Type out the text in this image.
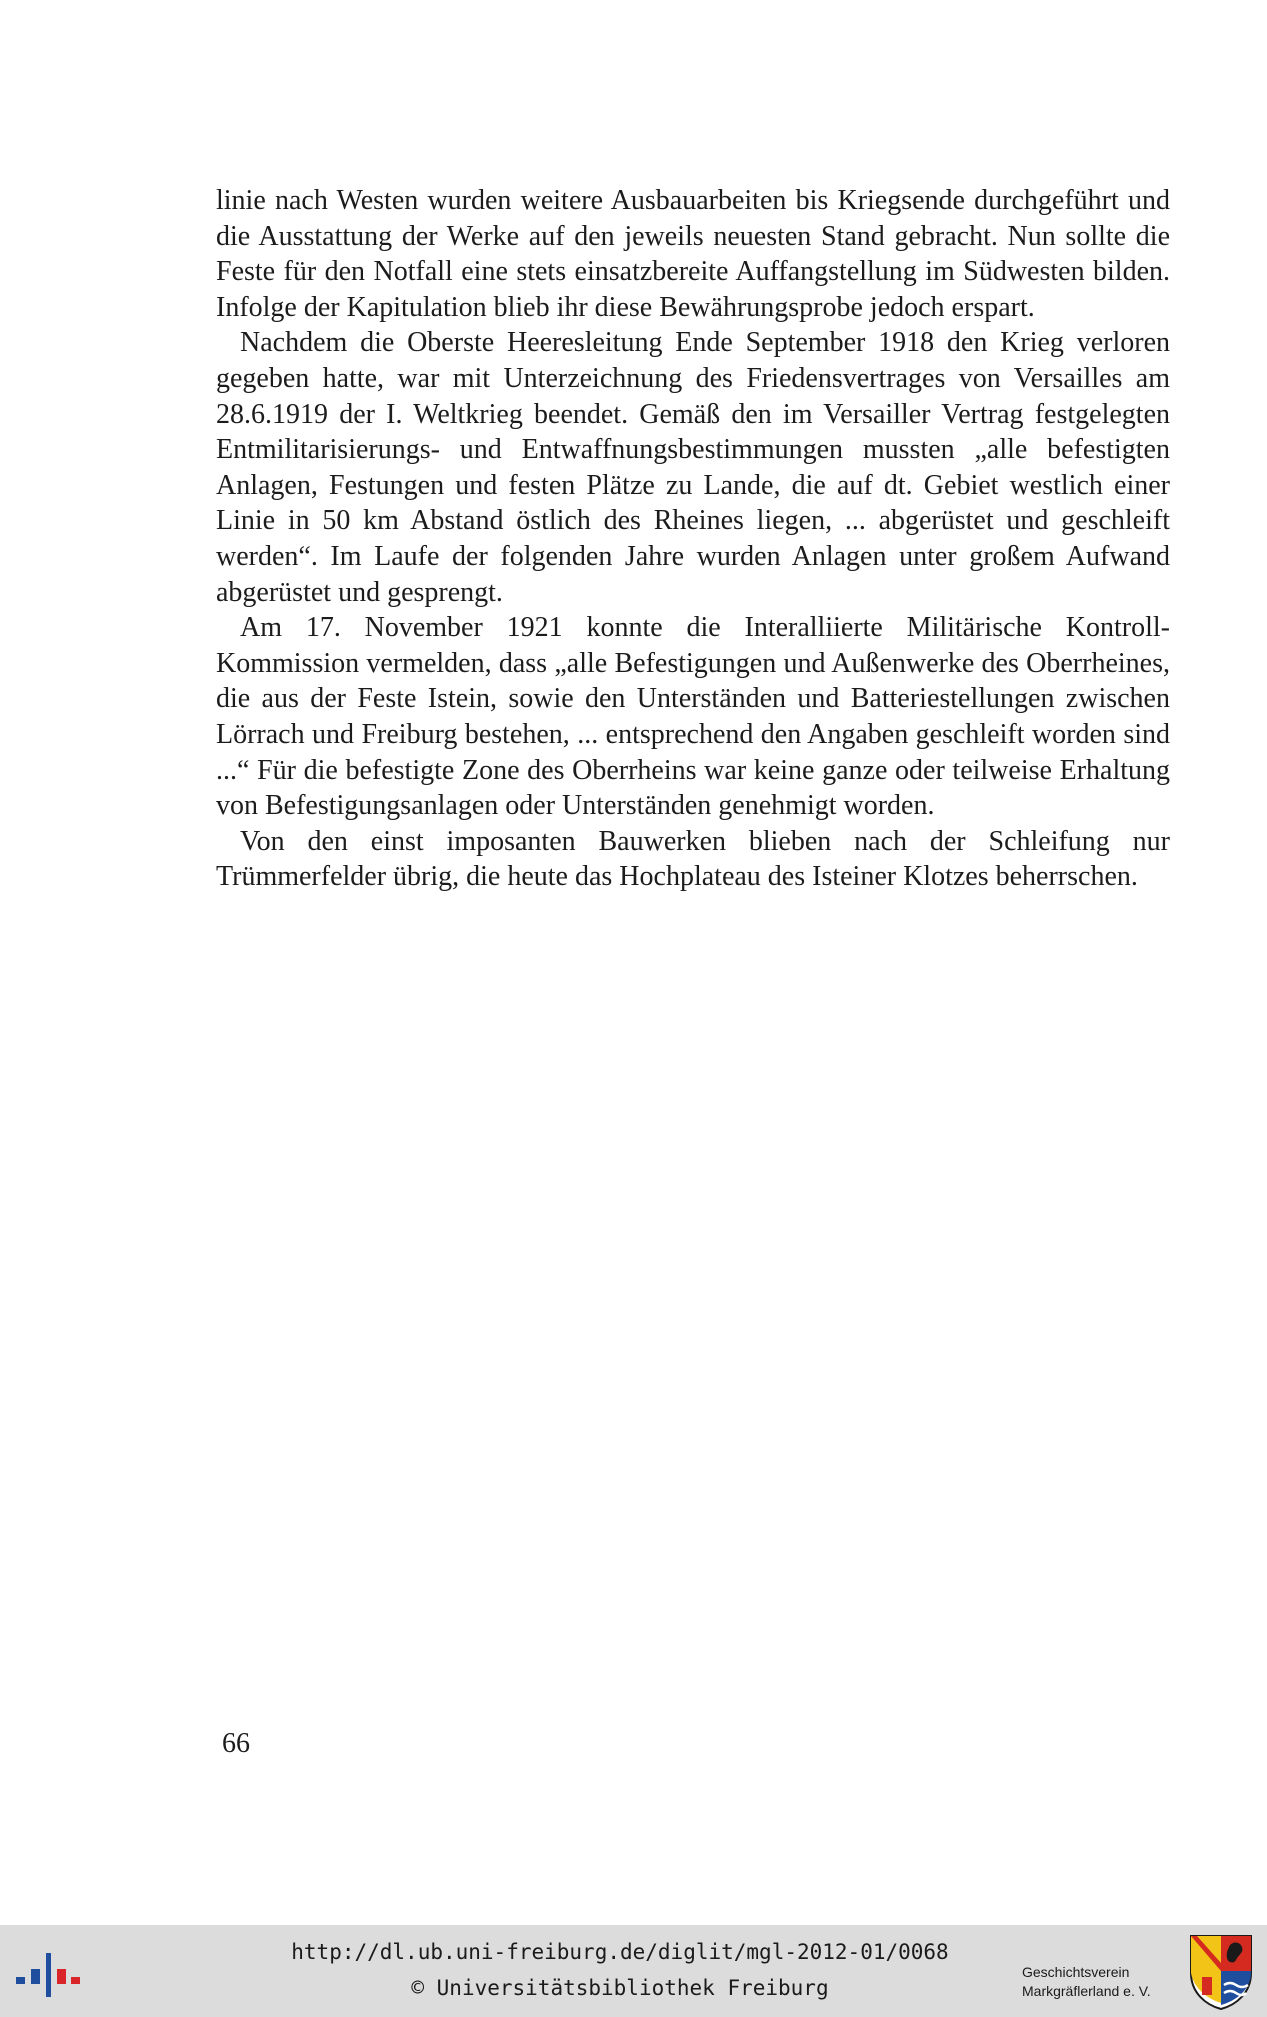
linie nach Westen wurden weitere Ausbauarbeiten bis Kriegsende durchgeführt und die Ausstattung der Werke auf den jeweils neuesten Stand gebracht. Nun sollte die Feste für den Notfall eine stets einsatzbereite Auffangstellung im Südwesten bilden. Infolge der Kapitulation blieb ihr diese Bewährungsprobe jedoch erspart.

Nachdem die Oberste Heeresleitung Ende September 1918 den Krieg verloren gegeben hatte, war mit Unterzeichnung des Friedensvertrages von Versailles am 28.6.1919 der I. Weltkrieg beendet. Gemäß den im Versailler Vertrag festgelegten Entmilitarisierungs- und Entwaffnungsbestimmungen mussten „alle befestigten Anlagen, Festungen und festen Plätze zu Lande, die auf dt. Gebiet westlich einer Linie in 50 km Abstand östlich des Rheines liegen, ... abgerüstet und geschleift werden“. Im Laufe der folgenden Jahre wurden Anlagen unter großem Aufwand abgerüstet und gesprengt.

Am 17. November 1921 konnte die Interalliierte Militärische Kontroll-Kommission vermelden, dass „alle Befestigungen und Außenwerke des Oberrheines, die aus der Feste Istein, sowie den Unterständen und Batteriestellungen zwischen Lörrach und Freiburg bestehen, ... entsprechend den Angaben geschleift worden sind ...“ Für die befestigte Zone des Oberrheins war keine ganze oder teilweise Erhaltung von Befestigungsanlagen oder Unterständen genehmigt worden.

Von den einst imposanten Bauwerken blieben nach der Schleifung nur Trümmerfelder übrig, die heute das Hochplateau des Isteiner Klotzes beherrschen.

66
http://dl.ub.uni-freiburg.de/diglit/mgl-2012-01/0068
© Universitätsbibliothek Freiburg
Geschichtsverein
Markgräflerland e. V.
